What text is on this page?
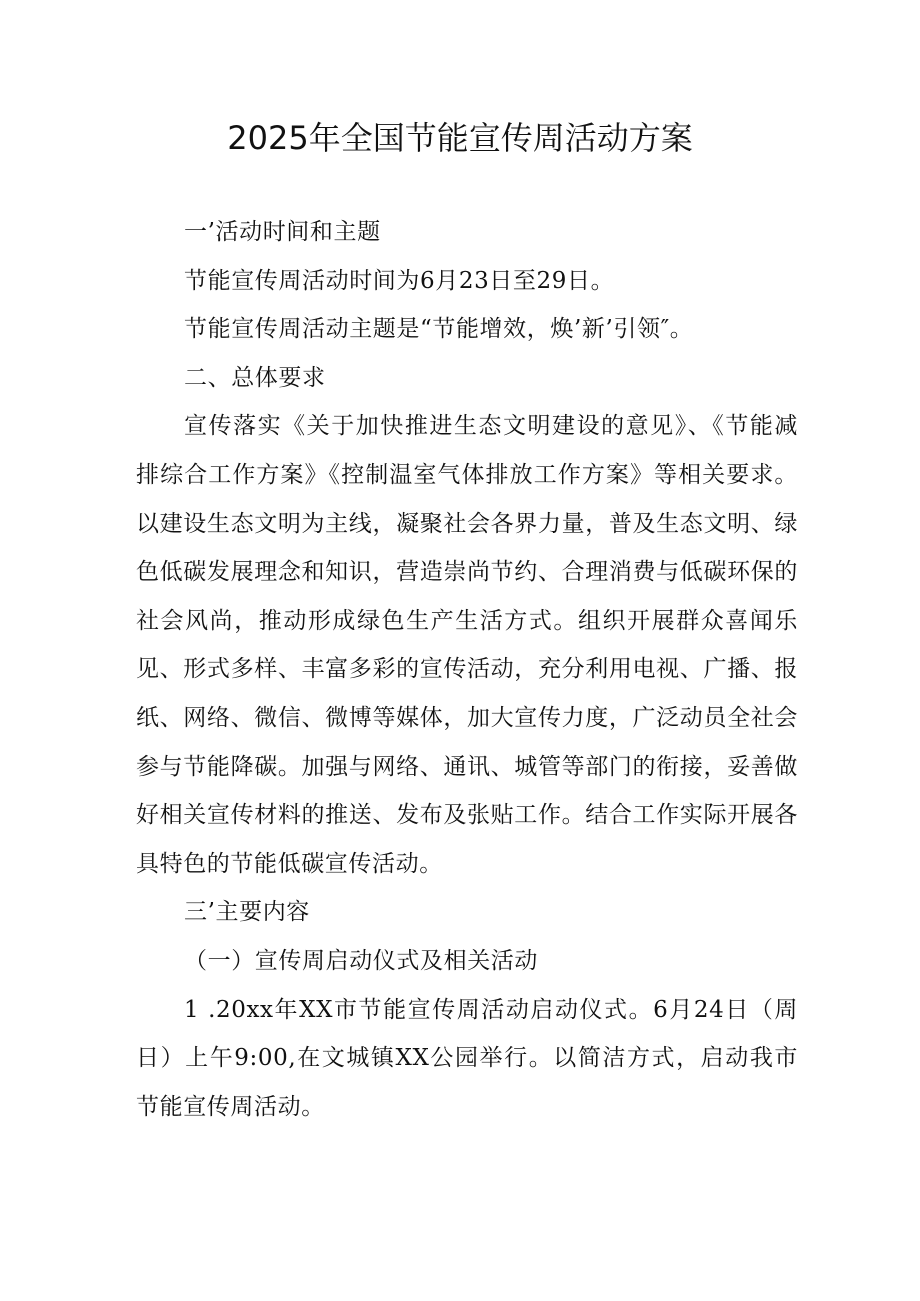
2025年全国节能宣传周活动方案

一’活动时间和主题

节能宣传周活动时间为6月23日至29日。

节能宣传周活动主题是“节能增效，焕’新’引领″。

二、总体要求

宣传落实《关于加快推进生态文明建设的意见》、《节能减排综合工作方案》《控制温室气体排放工作方案》等相关要求。以建设生态文明为主线，凝聚社会各界力量，普及生态文明、绿色低碳发展理念和知识，营造崇尚节约、合理消费与低碳环保的社会风尚，推动形成绿色生产生活方式。组织开展群众喜闻乐见、形式多样、丰富多彩的宣传活动，充分利用电视、广播、报纸、网络、微信、微博等媒体，加大宣传力度，广泛动员全社会参与节能降碳。加强与网络、通讯、城管等部门的衔接，妥善做好相关宣传材料的推送、发布及张贴工作。结合工作实际开展各具特色的节能低碳宣传活动。

三’主要内容

（一）宣传周启动仪式及相关活动

1 .20xx年XX市节能宣传周活动启动仪式。6月24日（周日）上午9:00,在文城镇XX公园举行。以简洁方式，启动我市节能宣传周活动。
